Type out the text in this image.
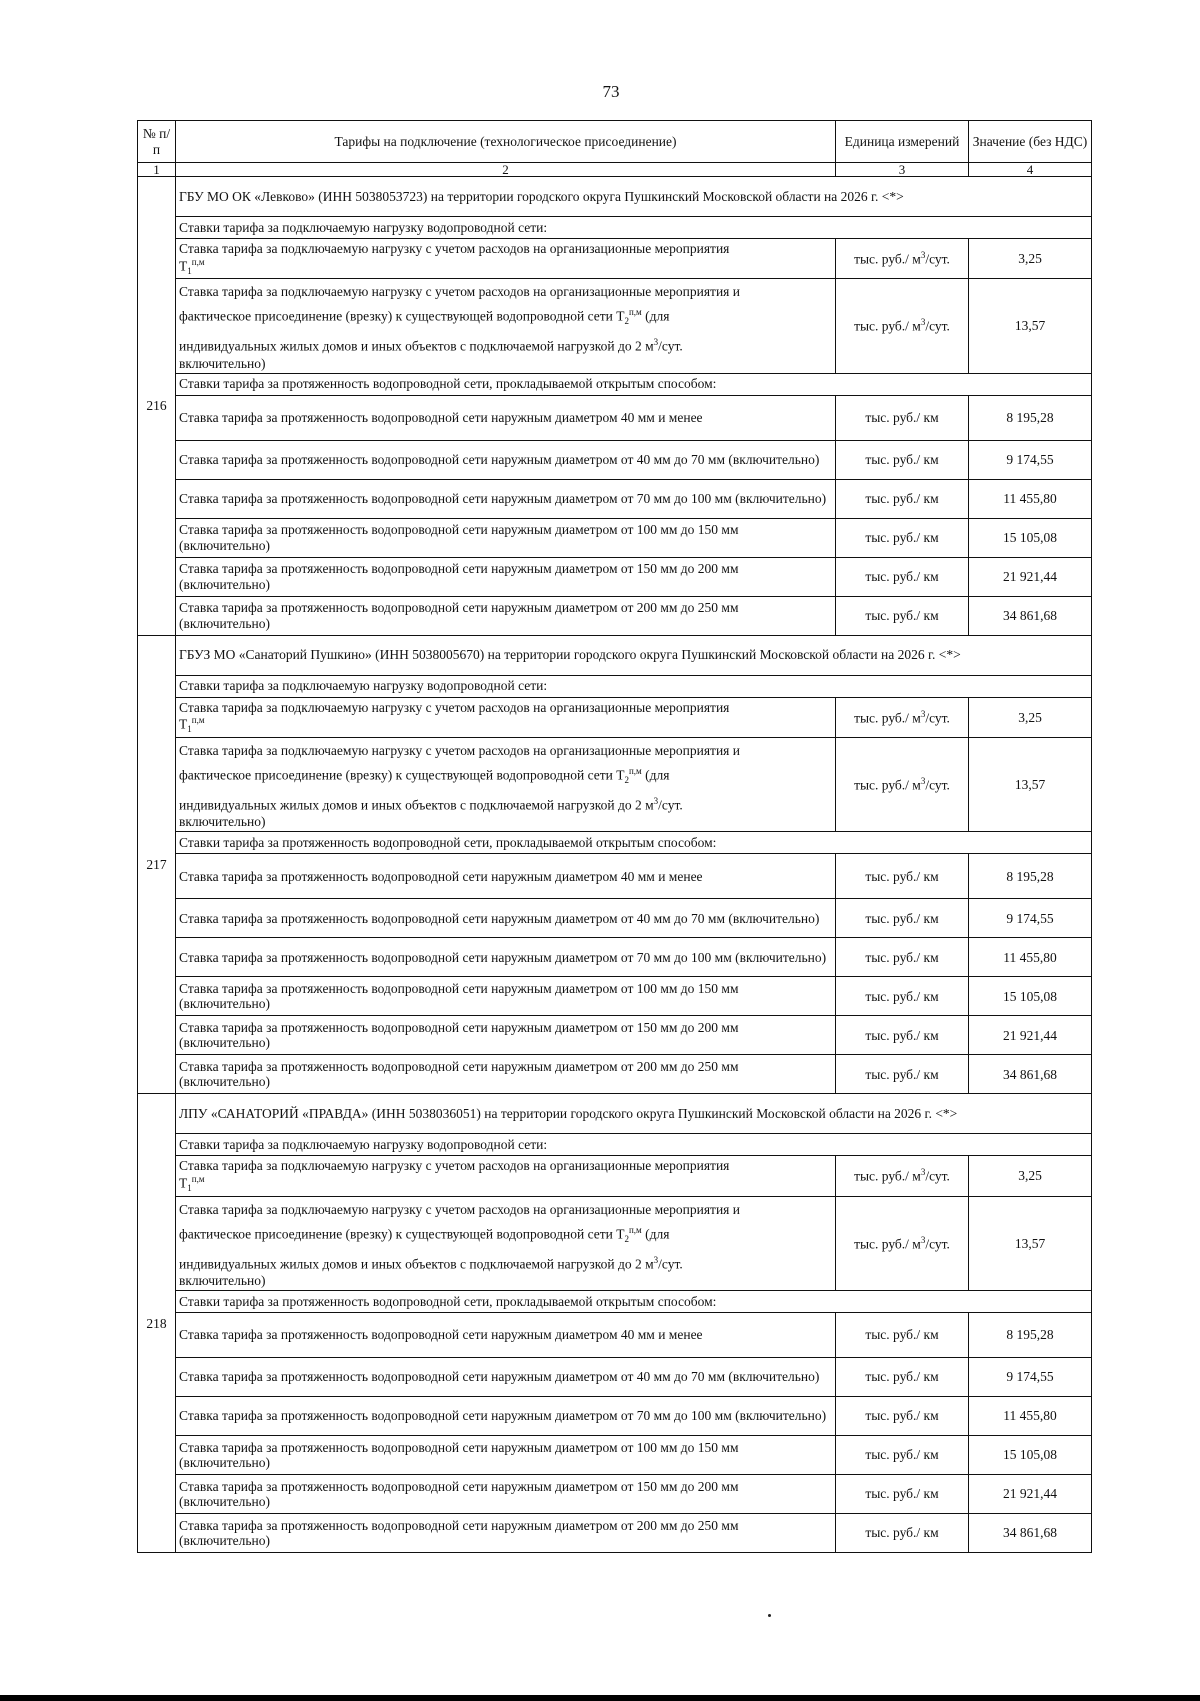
73
№ п/п	Тарифы на подключение (технологическое присоединение)	Единица измерений	Значение (без НДС)
1	2	3	4
216	ГБУ МО ОК «Левково» (ИНН 5038053723) на территории городского округа Пушкинский Московской области на 2026 г. <*>		
	Ставки тарифа за подключаемую нагрузку водопроводной сети:		
	Ставка тарифа за подключаемую нагрузку с учетом расходов на организационные мероприятия
$Т_1^{п,м}$	тыс. руб./ $м^3$/сут.	3,25
	Ставка тарифа за подключаемую нагрузку с учетом расходов на организационные мероприятия и
фактическое присоединение (врезку) к существующей водопроводной сети $Т_2^{п,м}$ (для
индивидуальных жилых домов и иных объектов с подключаемой нагрузкой до 2 $м^3$/сут.
включительно)	тыс. руб./ $м^3$/сут.	13,57
	Ставки тарифа за протяженность водопроводной сети, прокладываемой открытым способом:		
	Ставка тарифа за протяженность водопроводной сети наружным диаметром 40 мм и менее	тыс. руб./ км	8 195,28
	Ставка тарифа за протяженность водопроводной сети наружным диаметром от 40 мм до 70 мм (включительно)	тыс. руб./ км	9 174,55
	Ставка тарифа за протяженность водопроводной сети наружным диаметром от 70 мм до 100 мм (включительно)	тыс. руб./ км	11 455,80
	Ставка тарифа за протяженность водопроводной сети наружным диаметром от 100 мм до 150 мм (включительно)	тыс. руб./ км	15 105,08
	Ставка тарифа за протяженность водопроводной сети наружным диаметром от 150 мм до 200 мм (включительно)	тыс. руб./ км	21 921,44
	Ставка тарифа за протяженность водопроводной сети наружным диаметром от 200 мм до 250 мм (включительно)	тыс. руб./ км	34 861,68
217	ГБУЗ МО «Санаторий Пушкино» (ИНН 5038005670) на территории городского округа Пушкинский Московской области на 2026 г. <*>		
	Ставки тарифа за подключаемую нагрузку водопроводной сети:		
	Ставка тарифа за подключаемую нагрузку с учетом расходов на организационные мероприятия
$Т_1^{п,м}$	тыс. руб./ $м^3$/сут.	3,25
	Ставка тарифа за подключаемую нагрузку с учетом расходов на организационные мероприятия и
фактическое присоединение (врезку) к существующей водопроводной сети $Т_2^{п,м}$ (для
индивидуальных жилых домов и иных объектов с подключаемой нагрузкой до 2 $м^3$/сут.
включительно)	тыс. руб./ $м^3$/сут.	13,57
	Ставки тарифа за протяженность водопроводной сети, прокладываемой открытым способом:		
	Ставка тарифа за протяженность водопроводной сети наружным диаметром 40 мм и менее	тыс. руб./ км	8 195,28
	Ставка тарифа за протяженность водопроводной сети наружным диаметром от 40 мм до 70 мм (включительно)	тыс. руб./ км	9 174,55
	Ставка тарифа за протяженность водопроводной сети наружным диаметром от 70 мм до 100 мм (включительно)	тыс. руб./ км	11 455,80
	Ставка тарифа за протяженность водопроводной сети наружным диаметром от 100 мм до 150 мм (включительно)	тыс. руб./ км	15 105,08
	Ставка тарифа за протяженность водопроводной сети наружным диаметром от 150 мм до 200 мм (включительно)	тыс. руб./ км	21 921,44
	Ставка тарифа за протяженность водопроводной сети наружным диаметром от 200 мм до 250 мм (включительно)	тыс. руб./ км	34 861,68
218	ЛПУ «САНАТОРИЙ «ПРАВДА» (ИНН 5038036051) на территории городского округа Пушкинский Московской области на 2026 г. <*>		
	Ставки тарифа за подключаемую нагрузку водопроводной сети:		
	Ставка тарифа за подключаемую нагрузку с учетом расходов на организационные мероприятия
$Т_1^{п,м}$	тыс. руб./ $м^3$/сут.	3,25
	Ставка тарифа за подключаемую нагрузку с учетом расходов на организационные мероприятия и
фактическое присоединение (врезку) к существующей водопроводной сети $Т_2^{п,м}$ (для
индивидуальных жилых домов и иных объектов с подключаемой нагрузкой до 2 $м^3$/сут.
включительно)	тыс. руб./ $м^3$/сут.	13,57
	Ставки тарифа за протяженность водопроводной сети, прокладываемой открытым способом:		
	Ставка тарифа за протяженность водопроводной сети наружным диаметром 40 мм и менее	тыс. руб./ км	8 195,28
	Ставка тарифа за протяженность водопроводной сети наружным диаметром от 40 мм до 70 мм (включительно)	тыс. руб./ км	9 174,55
	Ставка тарифа за протяженность водопроводной сети наружным диаметром от 70 мм до 100 мм (включительно)	тыс. руб./ км	11 455,80
	Ставка тарифа за протяженность водопроводной сети наружным диаметром от 100 мм до 150 мм (включительно)	тыс. руб./ км	15 105,08
	Ставка тарифа за протяженность водопроводной сети наружным диаметром от 150 мм до 200 мм (включительно)	тыс. руб./ км	21 921,44
	Ставка тарифа за протяженность водопроводной сети наружным диаметром от 200 мм до 250 мм (включительно)	тыс. руб./ км	34 861,68
